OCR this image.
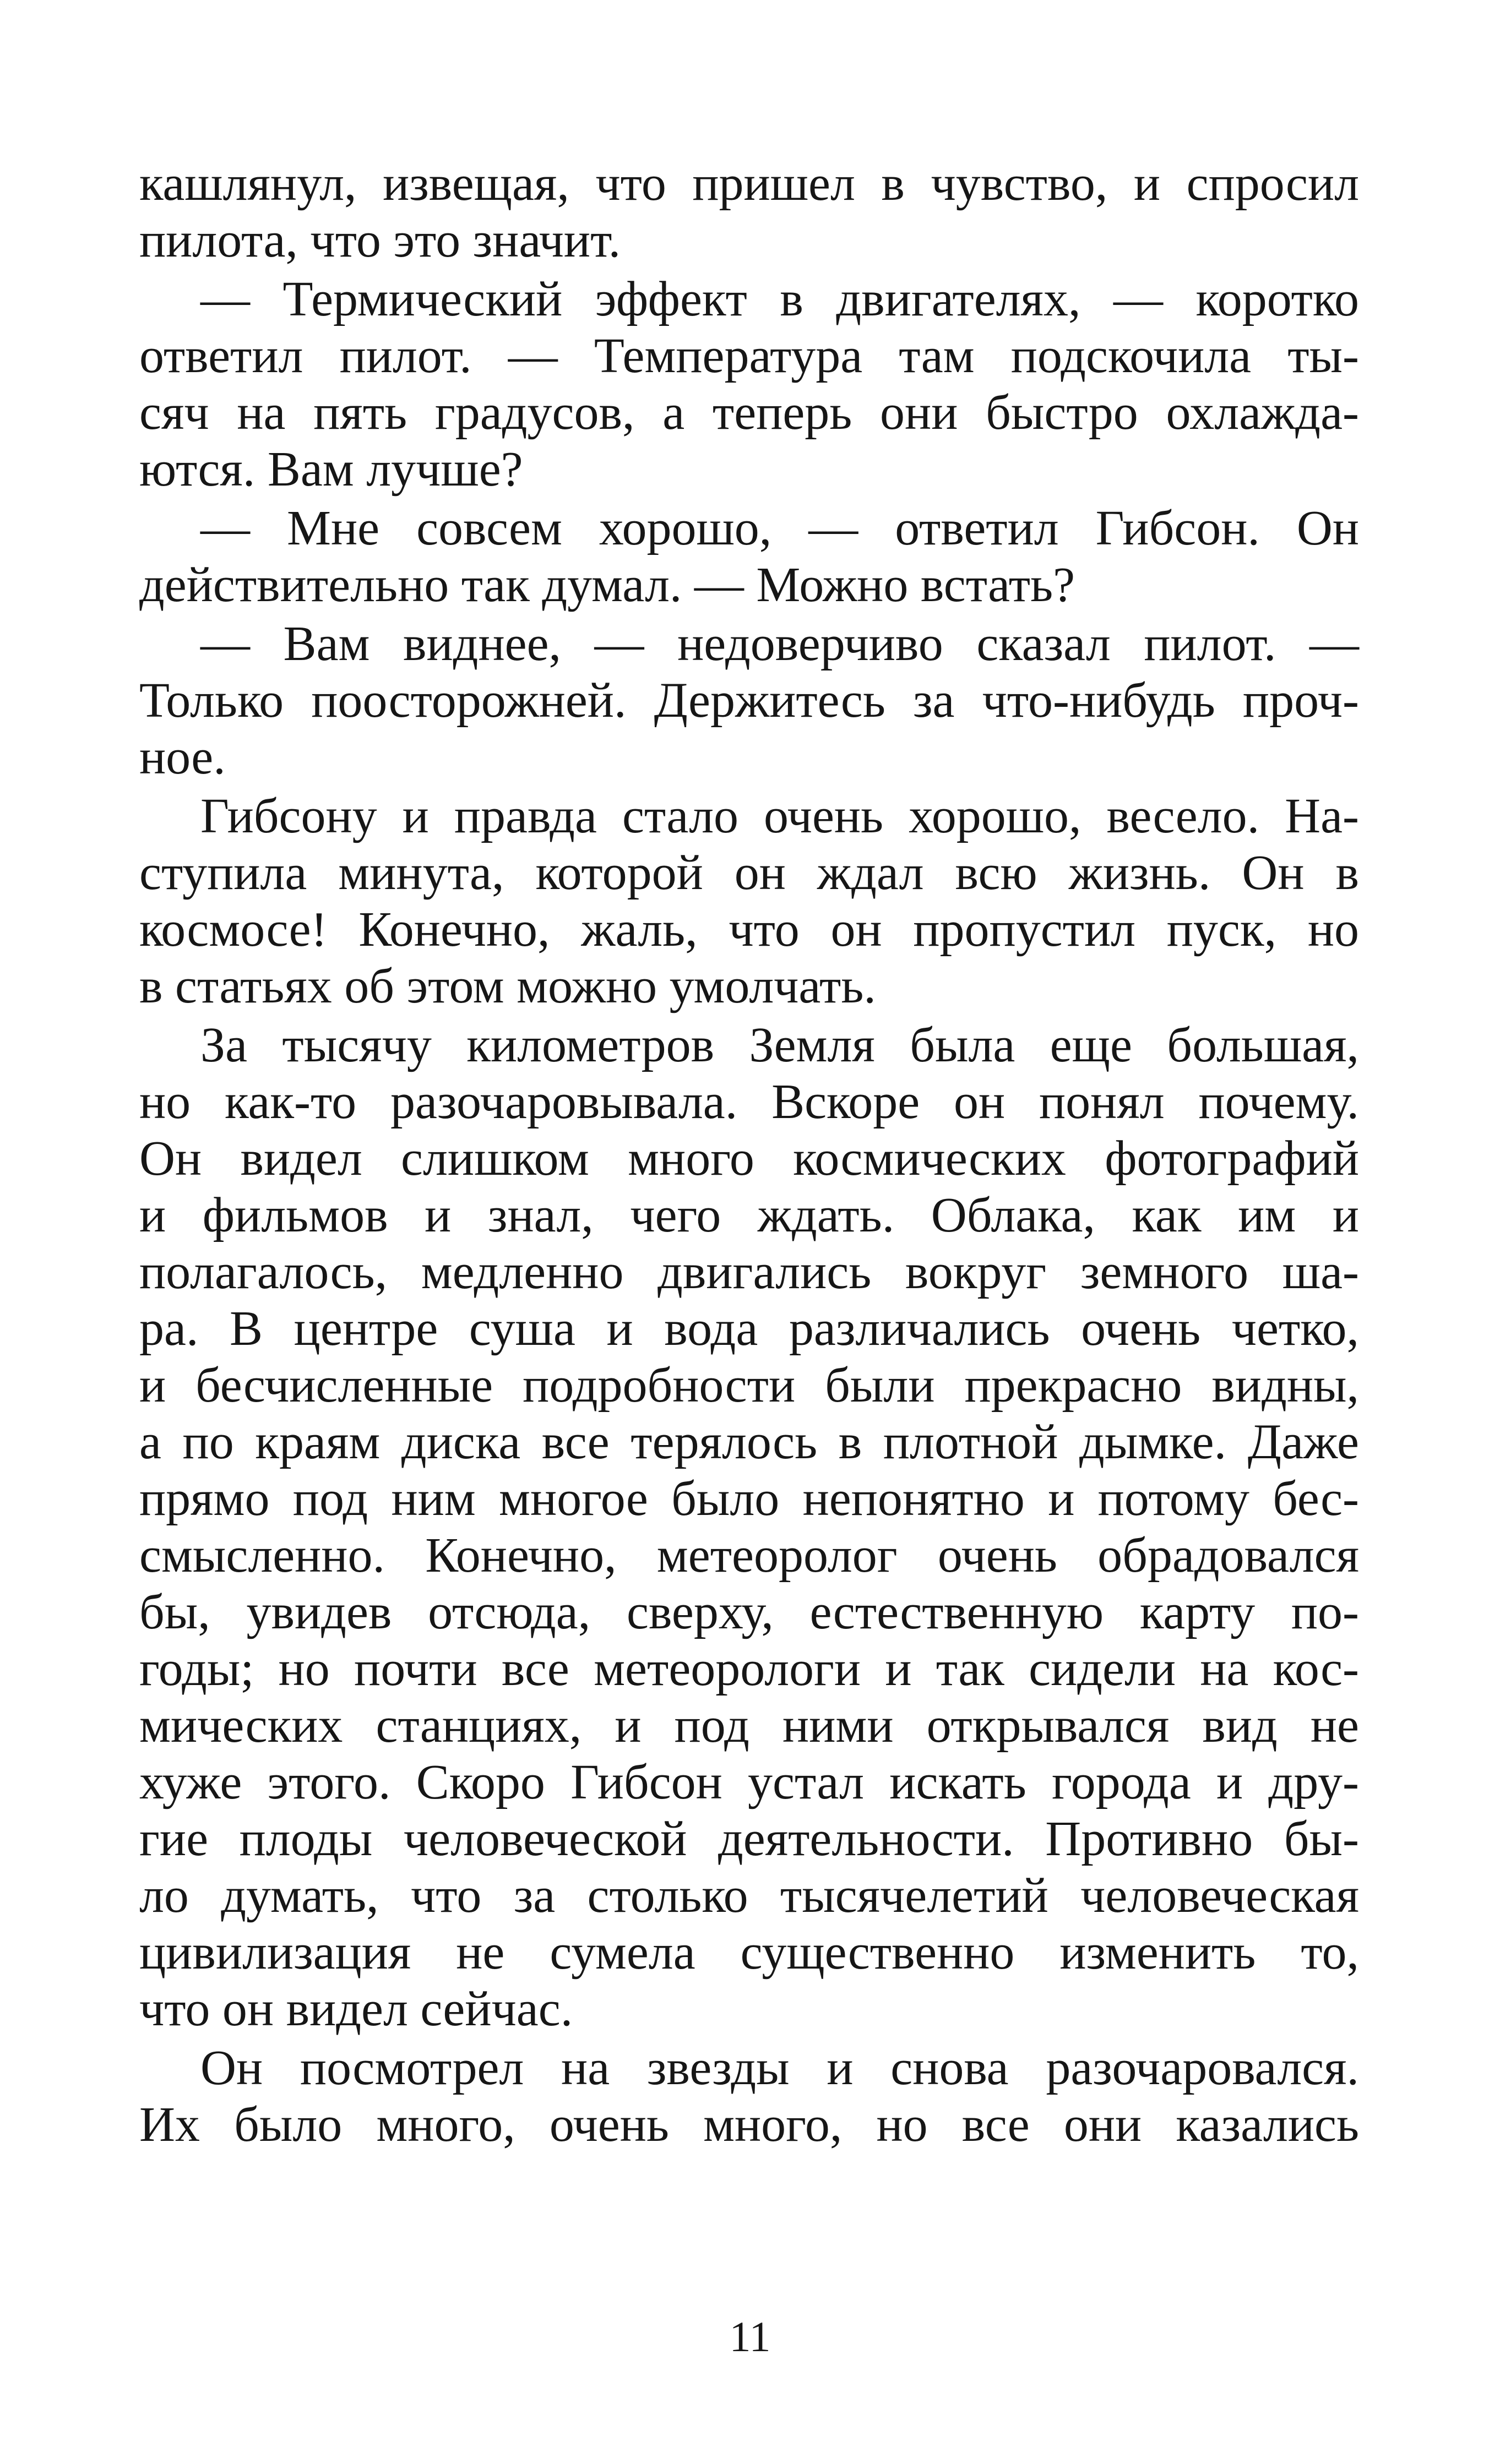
кашлянул, извещая, что пришел в чувство, и спросил
пилота, что это значит.
— Термический эффект в двигателях, — коротко
ответил пилот. — Температура там подскочила ты-
сяч на пять градусов, а теперь они быстро охлажда-
ются. Вам лучше?
— Мне совсем хорошо, — ответил Гибсон. Он
действительно так думал. — Можно встать?
— Вам виднее, — недоверчиво сказал пилот. —
Только поосторожней. Держитесь за что-нибудь проч-
ное.
Гибсону и правда стало очень хорошо, весело. На-
ступила минута, которой он ждал всю жизнь. Он в
космосе! Конечно, жаль, что он пропустил пуск, но
в статьях об этом можно умолчать.
За тысячу километров Земля была еще большая,
но как-то разочаровывала. Вскоре он понял почему.
Он видел слишком много космических фотографий
и фильмов и знал, чего ждать. Облака, как им и
полагалось, медленно двигались вокруг земного ша-
ра. В центре суша и вода различались очень четко,
и бесчисленные подробности были прекрасно видны,
а по краям диска все терялось в плотной дымке. Даже
прямо под ним многое было непонятно и потому бес-
смысленно. Конечно, метеоролог очень обрадовался
бы, увидев отсюда, сверху, естественную карту по-
годы; но почти все метеорологи и так сидели на кос-
мических станциях, и под ними открывался вид не
хуже этого. Скоро Гибсон устал искать города и дру-
гие плоды человеческой деятельности. Противно бы-
ло думать, что за столько тысячелетий человеческая
цивилизация не сумела существенно изменить то,
что он видел сейчас.
Он посмотрел на звезды и снова разочаровался.
Их было много, очень много, но все они казались
11
